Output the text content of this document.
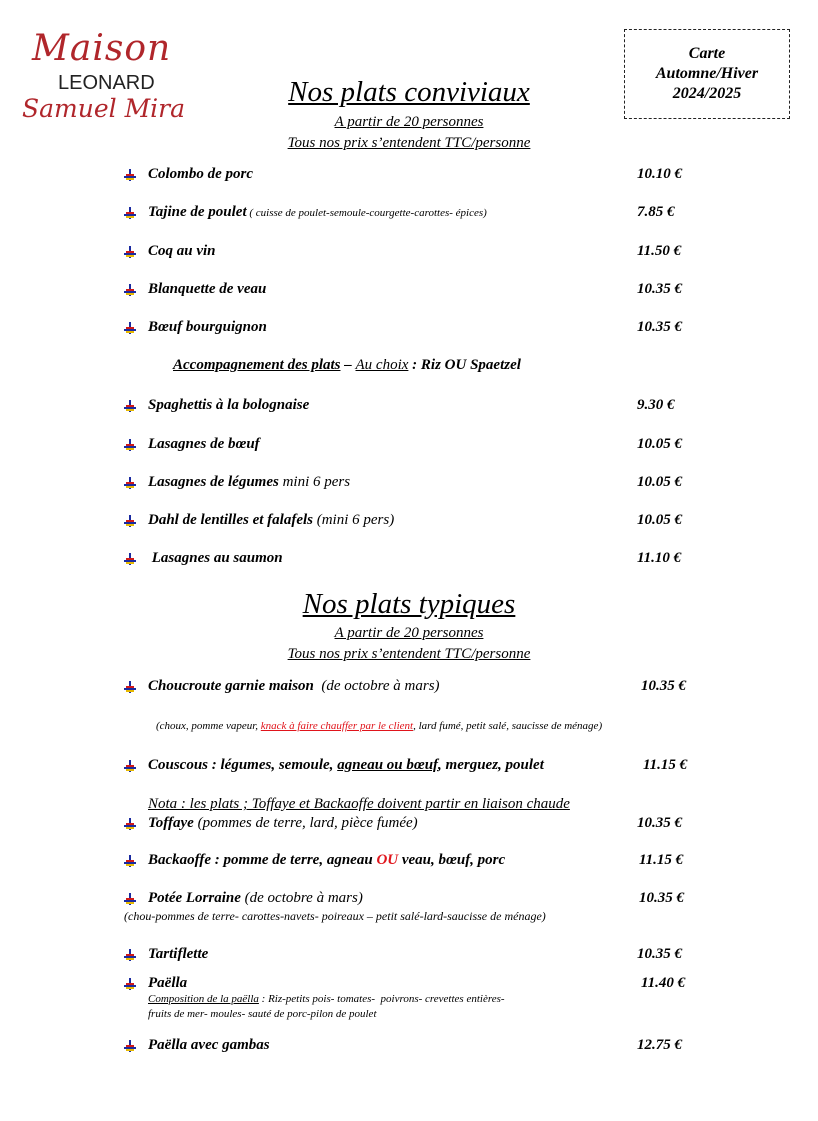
Maison
LEONARD
Samuel Mira
Carte
Automne/Hiver
2024/2025
Nos plats conviviaux
A partir de 20 personnes
Tous nos prix s’entendent TTC/personne
Colombo de porc	10.10 €
Tajine de poulet ( cuisse de poulet-semoule-courgette-carottes- épices)	7.85 €
Coq au vin	11.50 €
Blanquette de veau	10.35 €
Bœuf bourguignon	10.35 €
Accompagnement des plats – Au choix : Riz OU Spaetzel
Spaghettis à la bolognaise	9.30 €
Lasagnes de bœuf	10.05 €
Lasagnes de légumes mini 6 pers	10.05 €
Dahl de lentilles et falafels (mini 6 pers)	10.05 €
Lasagnes au saumon	11.10 €
Nos plats typiques
A partir de 20 personnes
Tous nos prix s’entendent TTC/personne
Choucroute garnie maison (de octobre à mars)	10.35 €
(choux, pomme vapeur, knack à faire chauffer par le client, lard fumé, petit salé, saucisse de ménage)
Couscous : légumes, semoule, agneau ou bœuf , merguez, poulet	11.15 €
Nota : les plats ; Toffaye et Backaoffe doivent partir en liaison chaude
Toffaye (pommes de terre, lard, pièce fumée)	10.35 €
Backaoffe : pomme de terre, agneau OU veau, bœuf, porc	11.15 €
Potée Lorraine (de octobre à mars)	10.35 €
(chou-pommes de terre- carottes-navets- poireaux – petit salé-lard-saucisse de ménage)
Tartiflette	10.35 €
Paëlla	11.40 €
Composition de la paëlla : Riz-petits pois- tomates-  poivrons- crevettes entières-
fruits de mer- moules- sauté de porc-pilon de poulet
Paëlla avec gambas	12.75 €
